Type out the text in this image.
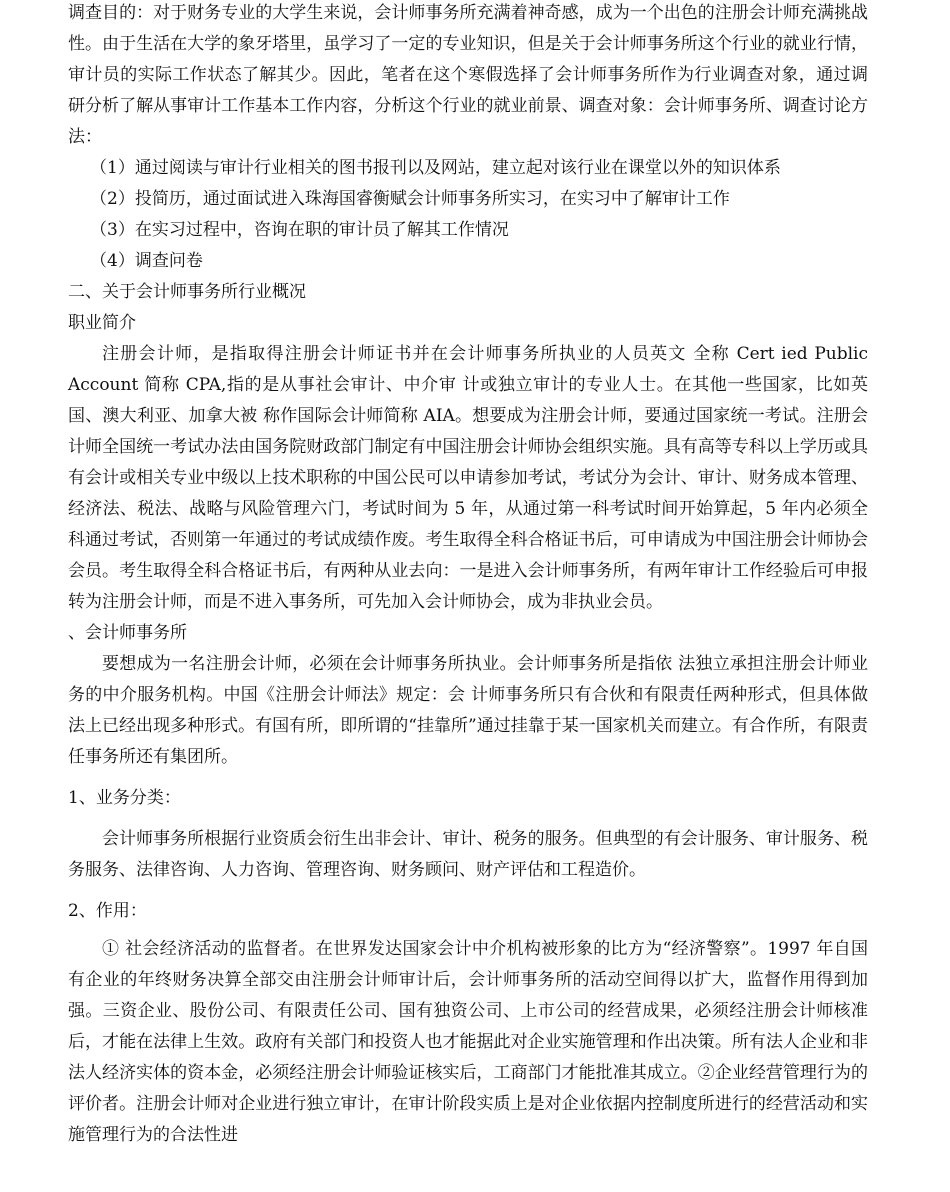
调查目的：对于财务专业的大学生来说，会计师事务所充满着神奇感，成为一个出色的注册会计师充满挑战性。由于生活在大学的象牙塔里，虽学习了一定的专业知识，但是关于会计师事务所这个行业的就业行情，审计员的实际工作状态了解其少。因此，笔者在这个寒假选择了会计师事务所作为行业调查对象，通过调 研分析了解从事审计工作基本工作内容，分析这个行业的就业前景、调查对象：会计师事务所、调查讨论方法：
（1）通过阅读与审计行业相关的图书报刊以及网站，建立起对该行业在课堂以外的知识体系
（2）投简历，通过面试进入珠海国睿衡赋会计师事务所实习，在实习中了解审计工作
（3）在实习过程中，咨询在职的审计员了解其工作情况
（4）调查问卷
二、关于会计师事务所行业概况
职业简介
注册会计师，是指取得注册会计师证书并在会计师事务所执业的人员英文 全称 Cert ied Public Account 简称 CPA,指的是从事社会审计、中介审 计或独立审计的专业人士。在其他一些国家，比如英国、澳大利亚、加拿大被 称作国际会计师简称 AIA。想要成为注册会计师，要通过国家统一考试。注册会计师全国统一考试办法由国务院财政部门制定有中国注册会计师协会组织实施。具有高等专科以上学历或具有会计或相关专业中级以上技术职称的中国公民可以申请参加考试，考试分为会计、审计、财务成本管理、经济法、税法、战略与风险管理六门，考试时间为 5 年，从通过第一科考试时间开始算起，5 年内必须全科通过考试，否则第一年通过的考试成绩作废。考生取得全科合格证书后，可申请成为中国注册会计师协会会员。考生取得全科合格证书后，有两种从业去向：一是进入会计师事务所，有两年审计工作经验后可申报转为注册会计师，而是不进入事务所，可先加入会计师协会，成为非执业会员。
、会计师事务所
要想成为一名注册会计师，必须在会计师事务所执业。会计师事务所是指依 法独立承担注册会计师业务的中介服务机构。中国《注册会计师法》规定：会 计师事务所只有合伙和有限责任两种形式，但具体做法上已经出现多种形式。有国有所，即所谓的“挂靠所”通过挂靠于某一国家机关而建立。有合作所，有限责任事务所还有集团所。
1、业务分类：
会计师事务所根据行业资质会衍生出非会计、审计、税务的服务。但典型的有会计服务、审计服务、税务服务、法律咨询、人力咨询、管理咨询、财务顾问、财产评估和工程造价。
2、作用：
① 社会经济活动的监督者。在世界发达国家会计中介机构被形象的比方为“经济警察”。1997 年自国有企业的年终财务决算全部交由注册会计师审计后，会计师事务所的活动空间得以扩大，监督作用得到加强。三资企业、股份公司、有限责任公司、国有独资公司、上市公司的经营成果，必须经注册会计师核准 后，才能在法律上生效。政府有关部门和投资人也才能据此对企业实施管理和作出决策。所有法人企业和非法人经济实体的资本金，必须经注册会计师验证核实后，工商部门才能批准其成立。②企业经营管理行为的评价者。注册会计师对企业进行独立审计，在审计阶段实质上是对企业依据内控制度所进行的经营活动和实施管理行为的合法性进
